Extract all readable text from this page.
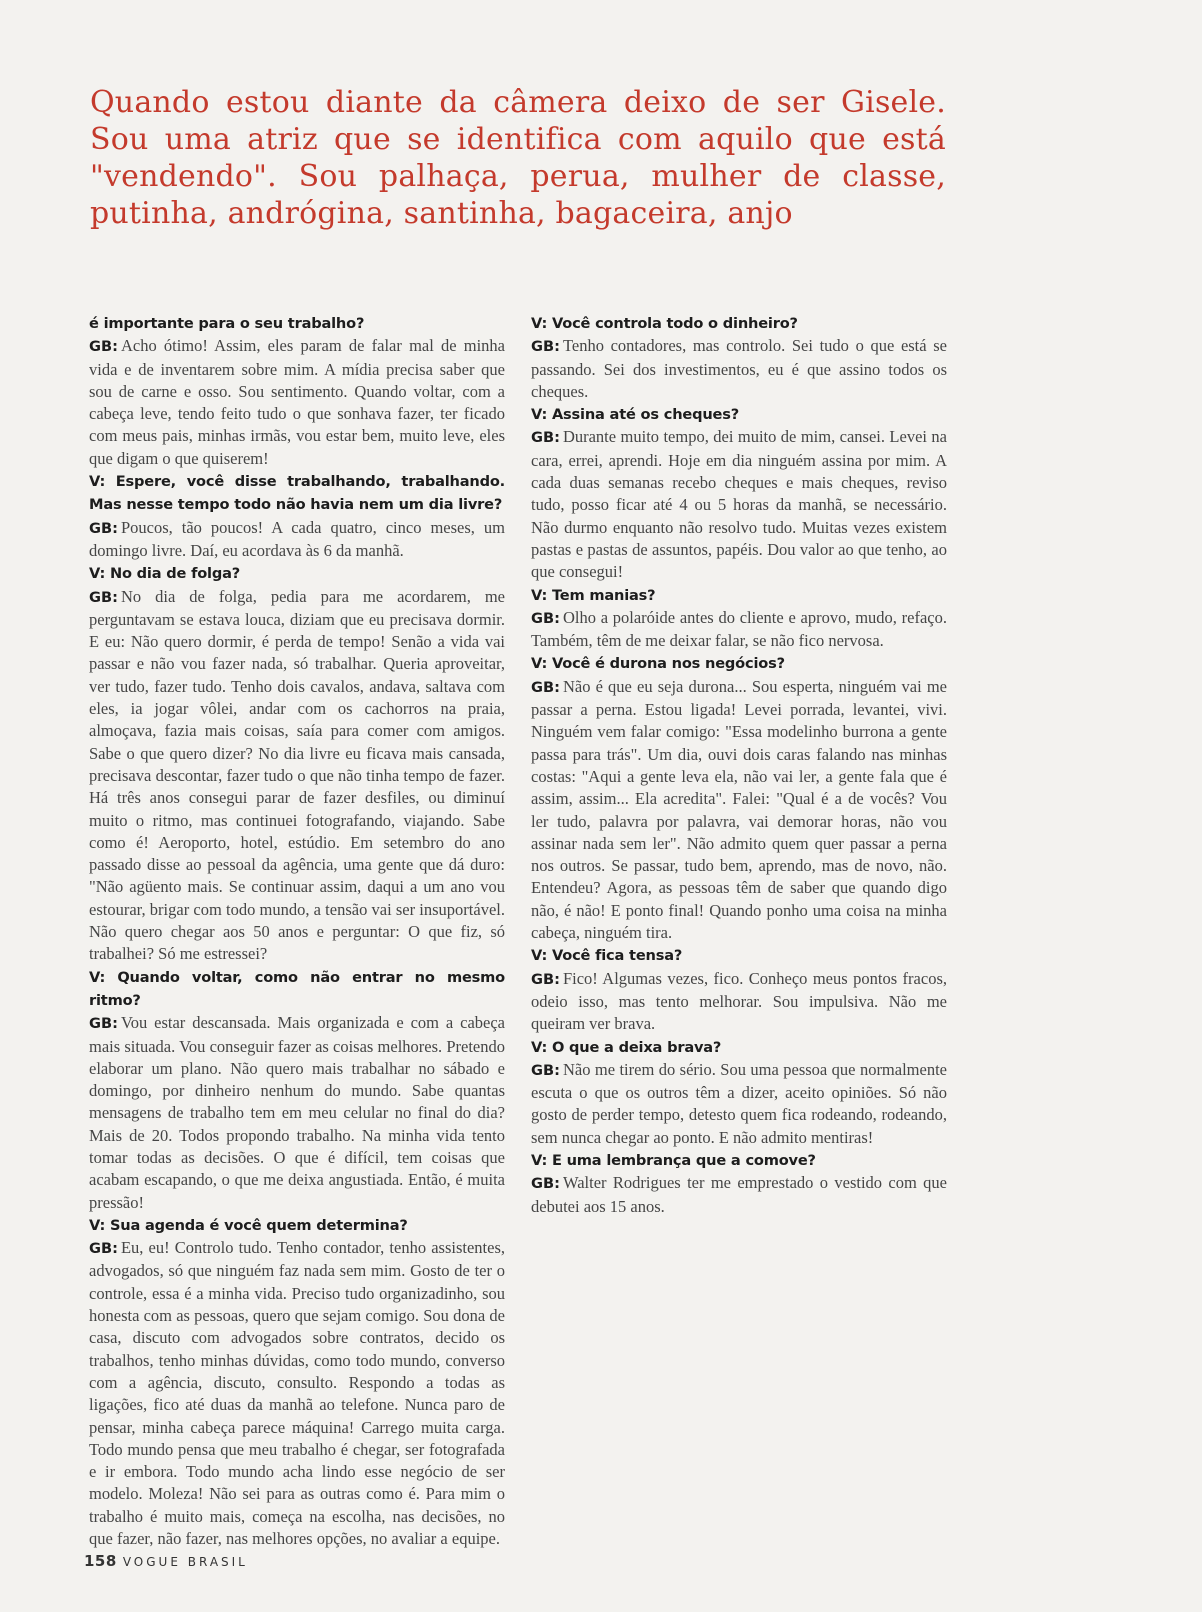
Quando estou diante da câmera deixo de ser Gisele. Sou uma atriz que se identifica com aquilo que está "vendendo". Sou palhaça, perua, mulher de classe, putinha, andrógina, santinha, bagaceira, anjo

é importante para o seu trabalho?

GB: Acho ótimo! Assim, eles param de falar mal de minha vida e de inventarem sobre mim. A mídia precisa saber que sou de carne e osso. Sou sentimento. Quando voltar, com a cabeça leve, tendo feito tudo o que sonhava fazer, ter ficado com meus pais, minhas irmãs, vou estar bem, muito leve, eles que digam o que quiserem!

V: Espere, você disse trabalhando, trabalhando. Mas nesse tempo todo não havia nem um dia livre?

GB: Poucos, tão poucos! A cada quatro, cinco meses, um domingo livre. Daí, eu acordava às 6 da manhã.

V: No dia de folga?

GB: No dia de folga, pedia para me acordarem, me perguntavam se estava louca, diziam que eu precisava dormir. E eu: Não quero dormir, é perda de tempo! Senão a vida vai passar e não vou fazer nada, só trabalhar. Queria aproveitar, ver tudo, fazer tudo. Tenho dois cavalos, andava, saltava com eles, ia jogar vôlei, andar com os cachorros na praia, almoçava, fazia mais coisas, saía para comer com amigos. Sabe o que quero dizer? No dia livre eu ficava mais cansada, precisava descontar, fazer tudo o que não tinha tempo de fazer. Há três anos consegui parar de fazer desfiles, ou diminuí muito o ritmo, mas continuei fotografando, viajando. Sabe como é! Aeroporto, hotel, estúdio. Em setembro do ano passado disse ao pessoal da agência, uma gente que dá duro: "Não agüento mais. Se continuar assim, daqui a um ano vou estourar, brigar com todo mundo, a tensão vai ser insuportável. Não quero chegar aos 50 anos e perguntar: O que fiz, só trabalhei? Só me estressei?

V: Quando voltar, como não entrar no mesmo ritmo?

GB: Vou estar descansada. Mais organizada e com a cabeça mais situada. Vou conseguir fazer as coisas melhores. Pretendo elaborar um plano. Não quero mais trabalhar no sábado e domingo, por dinheiro nenhum do mundo. Sabe quantas mensagens de trabalho tem em meu celular no final do dia? Mais de 20. Todos propondo trabalho. Na minha vida tento tomar todas as decisões. O que é difícil, tem coisas que acabam escapando, o que me deixa angustiada. Então, é muita pressão!

V: Sua agenda é você quem determina?

GB: Eu, eu! Controlo tudo. Tenho contador, tenho assistentes, advogados, só que ninguém faz nada sem mim. Gosto de ter o controle, essa é a minha vida. Preciso tudo organizadinho, sou honesta com as pessoas, quero que sejam comigo. Sou dona de casa, discuto com advogados sobre contratos, decido os trabalhos, tenho minhas dúvidas, como todo mundo, converso com a agência, discuto, consulto. Respondo a todas as ligações, fico até duas da manhã ao telefone. Nunca paro de pensar, minha cabeça parece máquina! Carrego muita carga. Todo mundo pensa que meu trabalho é chegar, ser fotografada e ir embora. Todo mundo acha lindo esse negócio de ser modelo. Moleza! Não sei para as outras como é. Para mim o trabalho é muito mais, começa na escolha, nas decisões, no que fazer, não fazer, nas melhores opções, no avaliar a equipe.

V: Você controla todo o dinheiro?

GB: Tenho contadores, mas controlo. Sei tudo o que está se passando. Sei dos investimentos, eu é que assino todos os cheques.

V: Assina até os cheques?

GB: Durante muito tempo, dei muito de mim, cansei. Levei na cara, errei, aprendi. Hoje em dia ninguém assina por mim. A cada duas semanas recebo cheques e mais cheques, reviso tudo, posso ficar até 4 ou 5 horas da manhã, se necessário. Não durmo enquanto não resolvo tudo. Muitas vezes existem pastas e pastas de assuntos, papéis. Dou valor ao que tenho, ao que consegui!

V: Tem manias?

GB: Olho a polaróide antes do cliente e aprovo, mudo, refaço. Também, têm de me deixar falar, se não fico nervosa.

V: Você é durona nos negócios?

GB: Não é que eu seja durona... Sou esperta, ninguém vai me passar a perna. Estou ligada! Levei porrada, levantei, vivi. Ninguém vem falar comigo: "Essa modelinho burrona a gente passa para trás". Um dia, ouvi dois caras falando nas minhas costas: "Aqui a gente leva ela, não vai ler, a gente fala que é assim, assim... Ela acredita". Falei: "Qual é a de vocês? Vou ler tudo, palavra por palavra, vai demorar horas, não vou assinar nada sem ler". Não admito quem quer passar a perna nos outros. Se passar, tudo bem, aprendo, mas de novo, não. Entendeu? Agora, as pessoas têm de saber que quando digo não, é não! E ponto final! Quando ponho uma coisa na minha cabeça, ninguém tira.

V: Você fica tensa?

GB: Fico! Algumas vezes, fico. Conheço meus pontos fracos, odeio isso, mas tento melhorar. Sou impulsiva. Não me queiram ver brava.

V: O que a deixa brava?

GB: Não me tirem do sério. Sou uma pessoa que normalmente escuta o que os outros têm a dizer, aceito opiniões. Só não gosto de perder tempo, detesto quem fica rodeando, rodeando, sem nunca chegar ao ponto. E não admito mentiras!

V: E uma lembrança que a comove?

GB: Walter Rodrigues ter me emprestado o vestido com que debutei aos 15 anos.

158 VOGUE BRASIL
